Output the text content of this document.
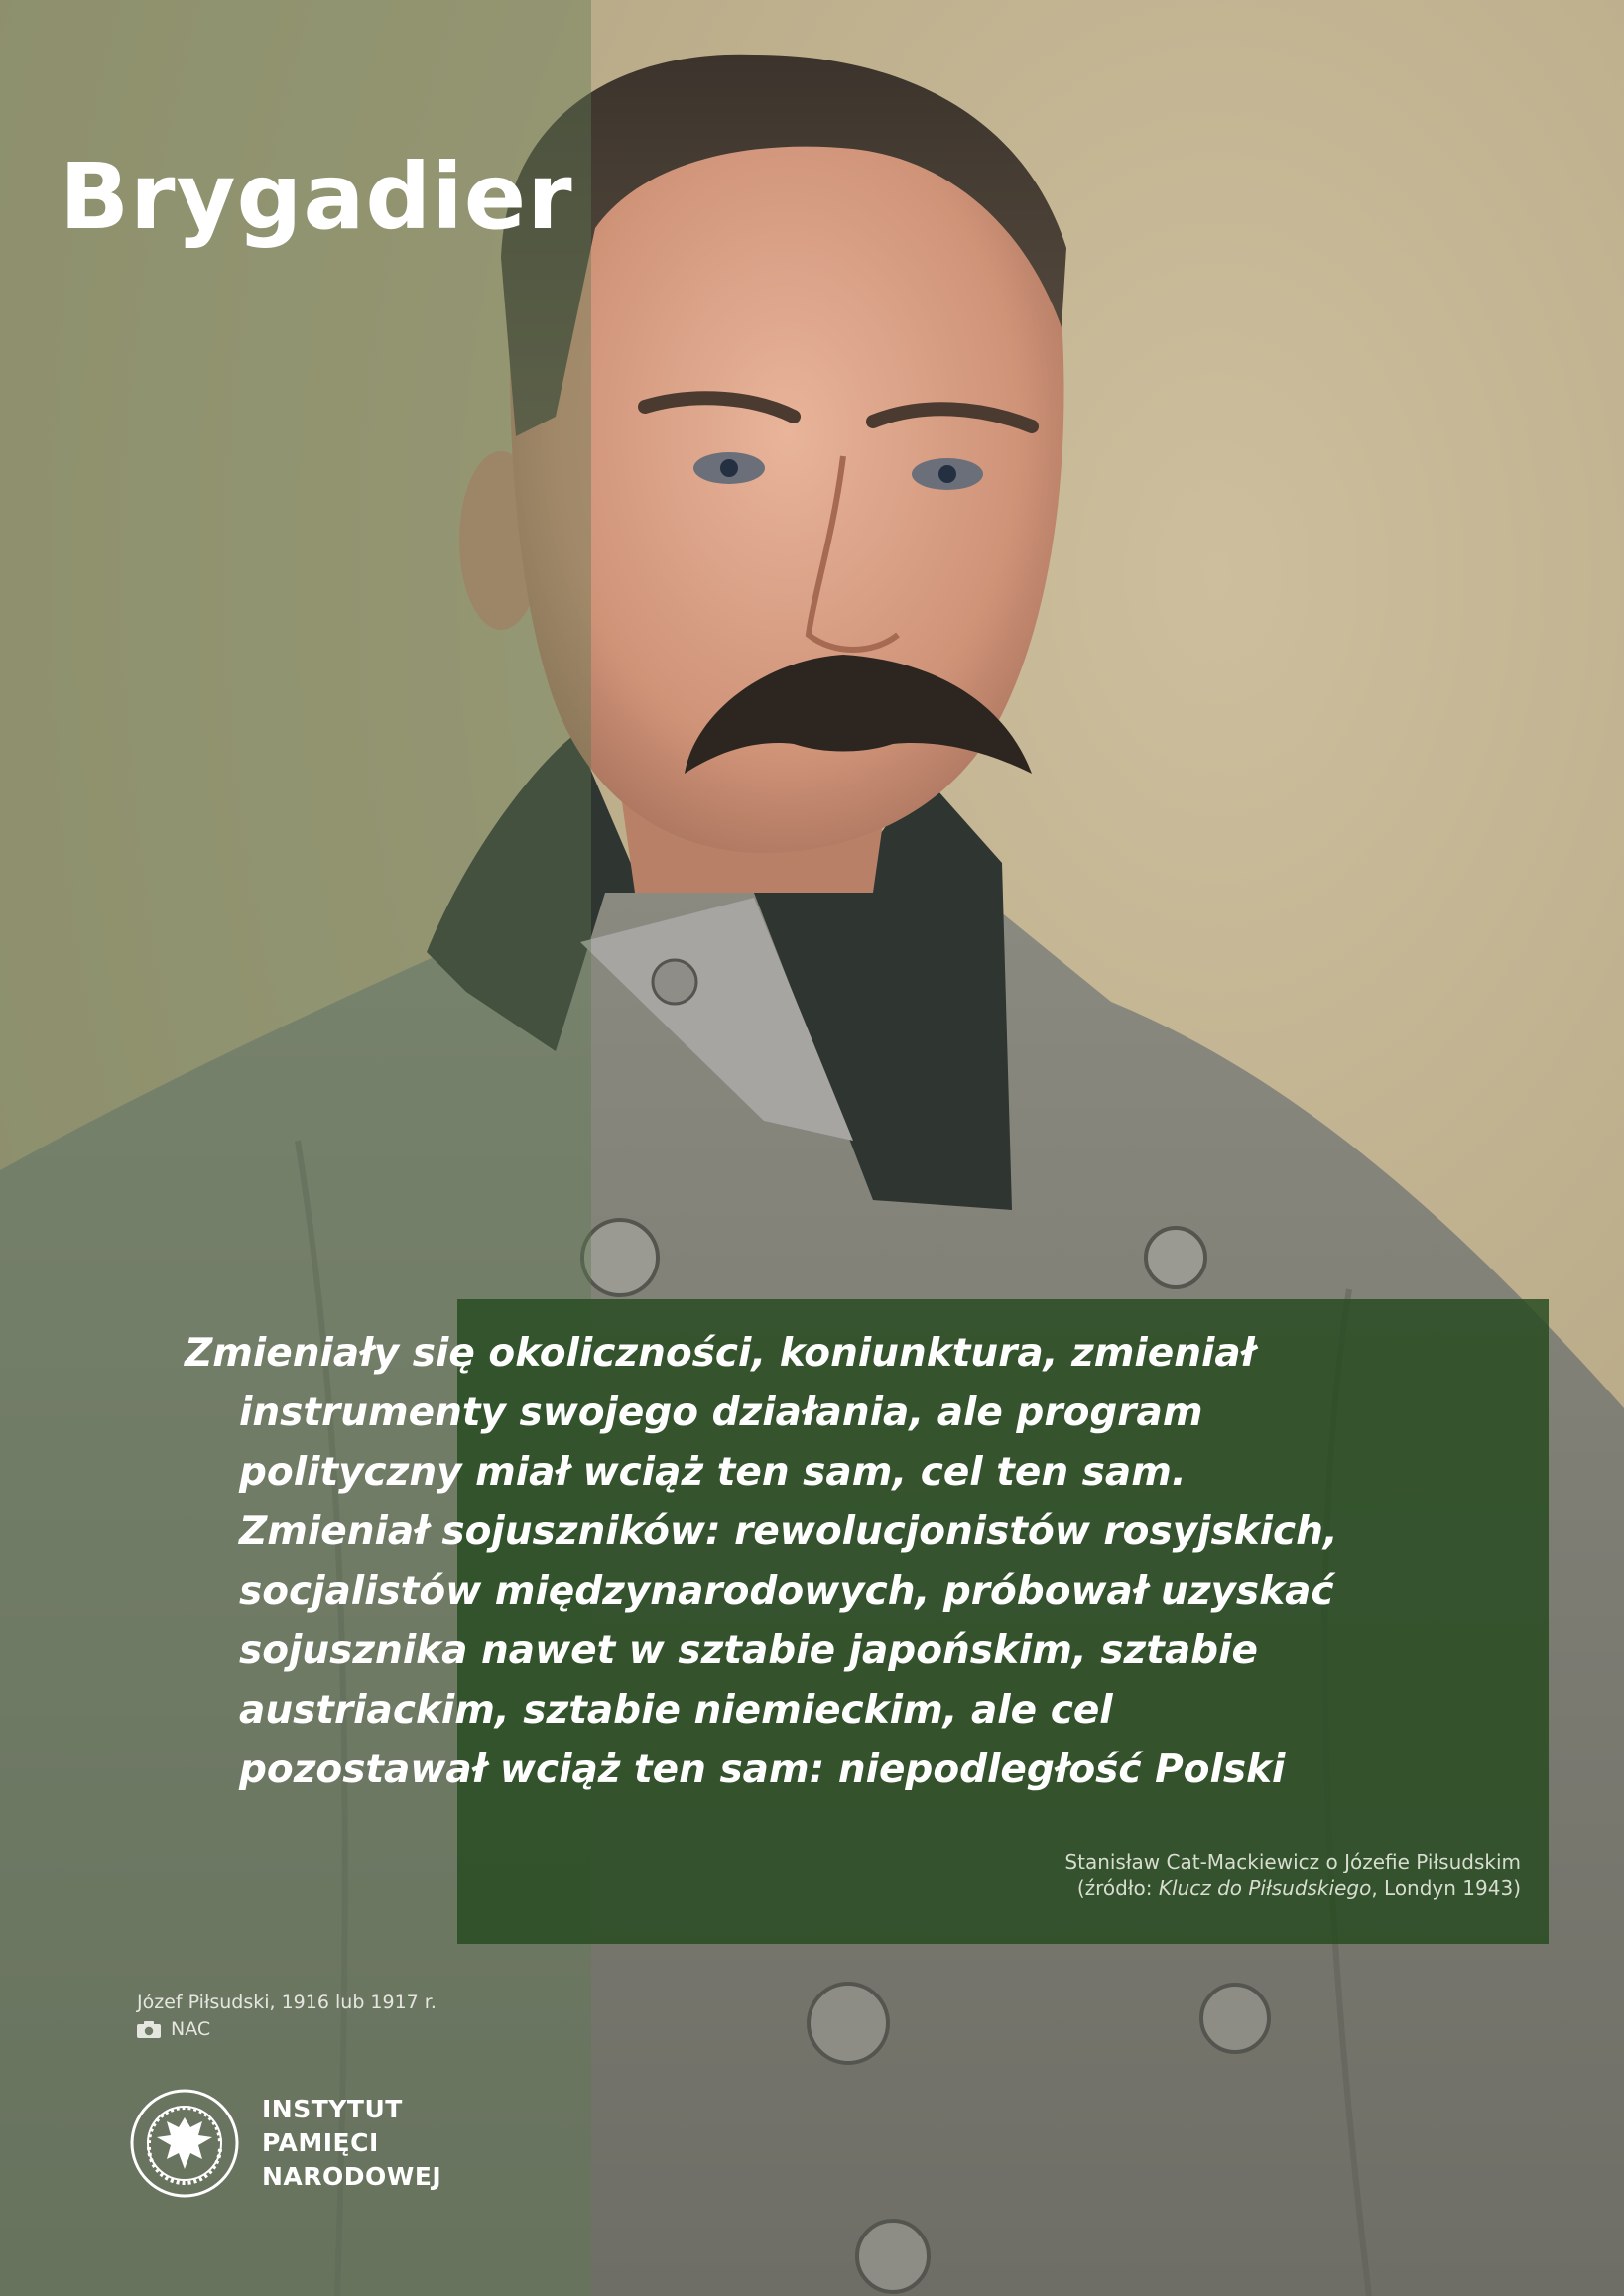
Brygadier

Zmieniały się okoliczności, koniunktura, zmieniał
instrumenty swojego działania, ale program
polityczny miał wciąż ten sam, cel ten sam.
Zmieniał sojuszników: rewolucjonistów rosyjskich,
socjalistów międzynarodowych, próbował uzyskać
sojusznika nawet w sztabie japońskim, sztabie
austriackim, sztabie niemieckim, ale cel
pozostawał wciąż ten sam: niepodległość Polski

Stanisław Cat-Mackiewicz o Józefie Piłsudskim
(źródło: Klucz do Piłsudskiego, Londyn 1943)
Józef Piłsudski, 1916 lub 1917 r.
NAC
INSTYTUT
PAMIĘCI
NARODOWEJ
